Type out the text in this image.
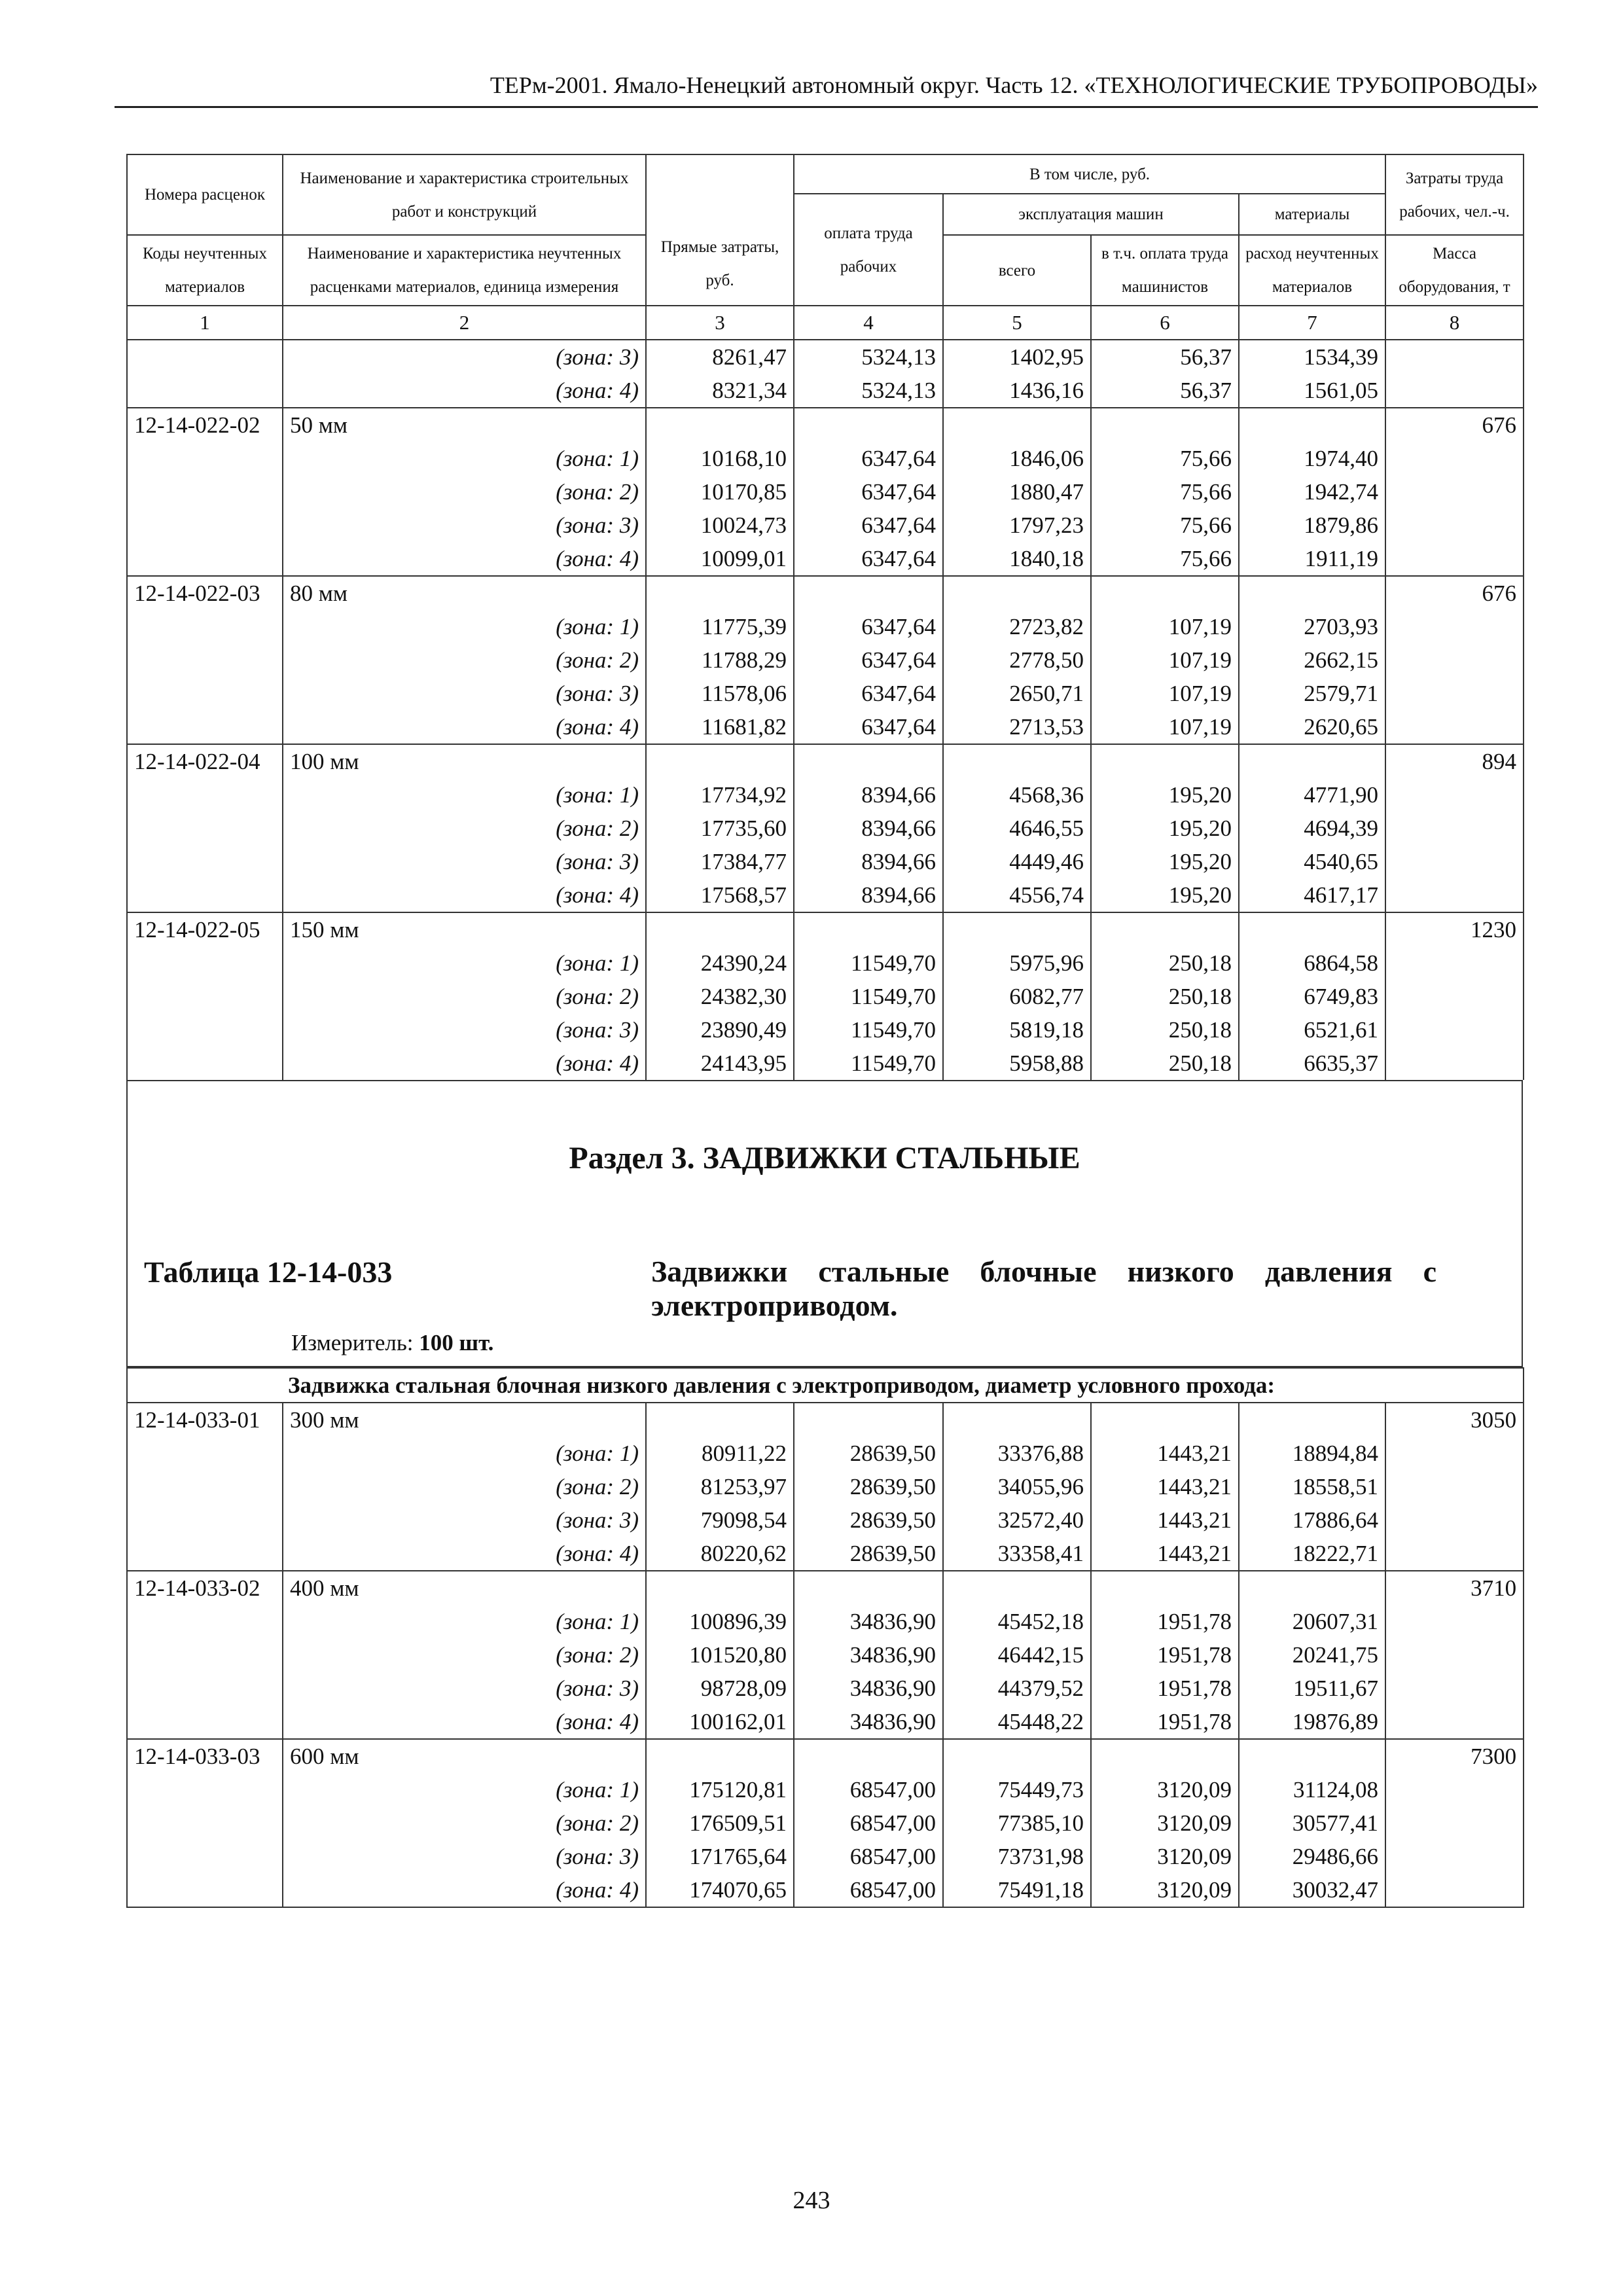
ТЕРм-2001. Ямало-Ненецкий автономный округ. Часть 12. «ТЕХНОЛОГИЧЕСКИЕ ТРУБОПРОВОДЫ»
Номера расценок	Наименование и характеристика строительных работ и конструкций	Прямые затраты, руб.	В том числе, руб.				Затраты труда рабочих, чел.-ч.
			оплата труда рабочих	эксплуатация машин		материалы	
Коды неучтенных материалов	Наименование и характеристика неучтенных расценками материалов, единица измерения			всего	в т.ч. оплата труда машинистов	расход неучтенных материалов	Масса оборудования, т
1	2	3	4	5	6	7	8
	(зона: 3)	8261,47	5324,13	1402,95	56,37	1534,39	
	(зона: 4)	8321,34	5324,13	1436,16	56,37	1561,05	
12-14-022-02	50 мм						676
	(зона: 1)	10168,10	6347,64	1846,06	75,66	1974,40	
	(зона: 2)	10170,85	6347,64	1880,47	75,66	1942,74	
	(зона: 3)	10024,73	6347,64	1797,23	75,66	1879,86	
	(зона: 4)	10099,01	6347,64	1840,18	75,66	1911,19	
12-14-022-03	80 мм						676
	(зона: 1)	11775,39	6347,64	2723,82	107,19	2703,93	
	(зона: 2)	11788,29	6347,64	2778,50	107,19	2662,15	
	(зона: 3)	11578,06	6347,64	2650,71	107,19	2579,71	
	(зона: 4)	11681,82	6347,64	2713,53	107,19	2620,65	
12-14-022-04	100 мм						894
	(зона: 1)	17734,92	8394,66	4568,36	195,20	4771,90	
	(зона: 2)	17735,60	8394,66	4646,55	195,20	4694,39	
	(зона: 3)	17384,77	8394,66	4449,46	195,20	4540,65	
	(зона: 4)	17568,57	8394,66	4556,74	195,20	4617,17	
12-14-022-05	150 мм						1230
	(зона: 1)	24390,24	11549,70	5975,96	250,18	6864,58	
	(зона: 2)	24382,30	11549,70	6082,77	250,18	6749,83	
	(зона: 3)	23890,49	11549,70	5819,18	250,18	6521,61	
	(зона: 4)	24143,95	11549,70	5958,88	250,18	6635,37	
Раздел 3. ЗАДВИЖКИ СТАЛЬНЫЕ
Таблица 12-14-033	Задвижки стальные блочные низкого давления с электроприводом.
Измеритель: 100 шт.
Задвижка стальная блочная низкого давления с электроприводом, диаметр условного прохода:							
12-14-033-01	300 мм						3050
	(зона: 1)	80911,22	28639,50	33376,88	1443,21	18894,84	
	(зона: 2)	81253,97	28639,50	34055,96	1443,21	18558,51	
	(зона: 3)	79098,54	28639,50	32572,40	1443,21	17886,64	
	(зона: 4)	80220,62	28639,50	33358,41	1443,21	18222,71	
12-14-033-02	400 мм						3710
	(зона: 1)	100896,39	34836,90	45452,18	1951,78	20607,31	
	(зона: 2)	101520,80	34836,90	46442,15	1951,78	20241,75	
	(зона: 3)	98728,09	34836,90	44379,52	1951,78	19511,67	
	(зона: 4)	100162,01	34836,90	45448,22	1951,78	19876,89	
12-14-033-03	600 мм						7300
	(зона: 1)	175120,81	68547,00	75449,73	3120,09	31124,08	
	(зона: 2)	176509,51	68547,00	77385,10	3120,09	30577,41	
	(зона: 3)	171765,64	68547,00	73731,98	3120,09	29486,66	
	(зона: 4)	174070,65	68547,00	75491,18	3120,09	30032,47	
243
